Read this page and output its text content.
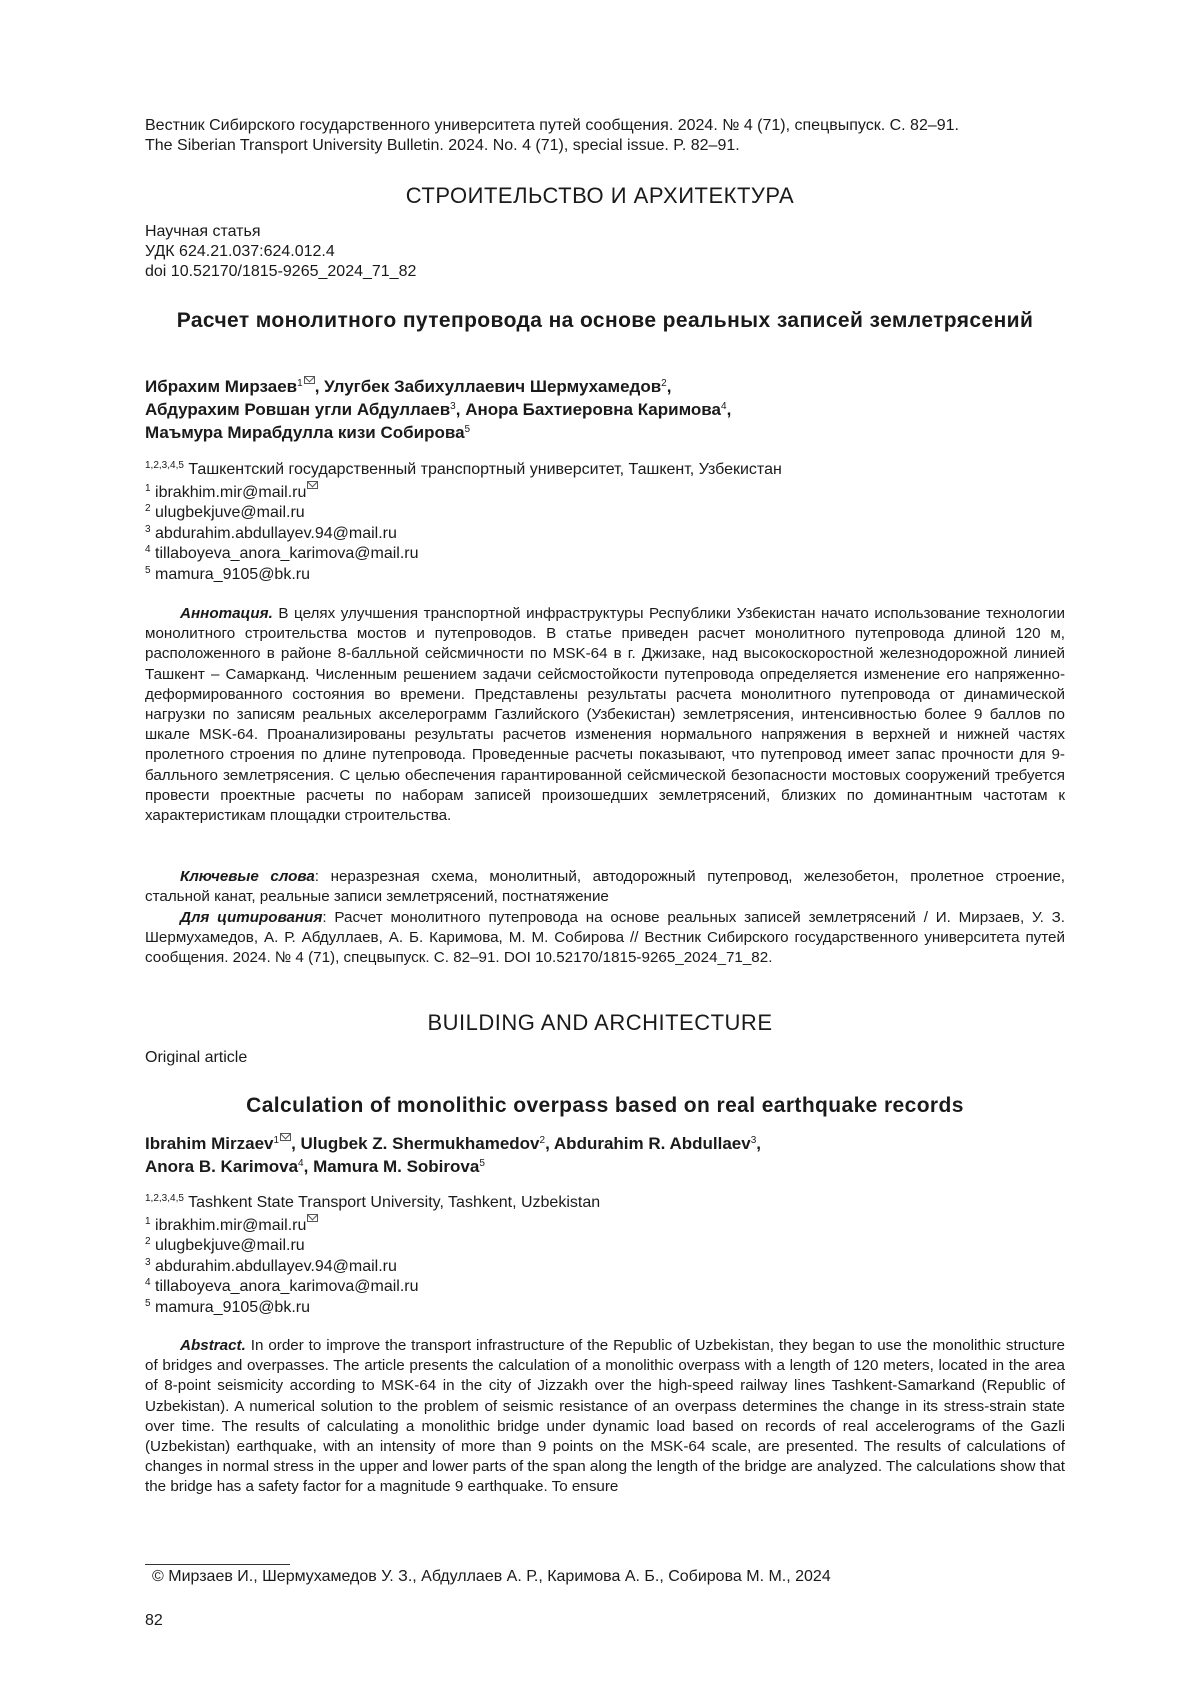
Вестник Сибирского государственного университета путей сообщения. 2024. № 4 (71), спецвыпуск. С. 82–91.
The Siberian Transport University Bulletin. 2024. No. 4 (71), special issue. P. 82–91.
СТРОИТЕЛЬСТВО И АРХИТЕКТУРА
Научная статья
УДК 624.21.037:624.012.4
doi 10.52170/1815-9265_2024_71_82
Расчет монолитного путепровода на основе реальных записей землетрясений
Ибрахим Мирзаев$^1$ , Улугбек Забихуллаевич Шермухамедов$^2$,
Абдурахим Ровшан угли Абдуллаев$^3$, Анора Бахтиеровна Каримова$^4$,
Маъмура Мирабдулла кизи Собирова$^5$
$^{1,2,3,4,5}$ Ташкентский государственный транспортный университет, Ташкент, Узбекистан
$^1$ ibrakhim.mir@mail.ru
$^2$ ulugbekjuve@mail.ru
$^3$ abdurahim.abdullayev.94@mail.ru
$^4$ tillaboyeva_anora_karimova@mail.ru
$^5$ mamura_9105@bk.ru
Аннотация. В целях улучшения транспортной инфраструктуры Республики Узбекистан начато использование технологии монолитного строительства мостов и путепроводов. В статье приведен расчет монолитного путепровода длиной 120 м, расположенного в районе 8-балльной сейсмичности по MSK-64 в г. Джизаке, над высокоскоростной железнодорожной линией Ташкент – Самарканд. Численным решением задачи сейсмостойкости путепровода определяется изменение его напряженно-деформированного состояния во времени. Представлены результаты расчета монолитного путепровода от динамической нагрузки по записям реальных акселерограмм Газлийского (Узбекистан) землетрясения, интенсивностью более 9 баллов по шкале MSK-64. Проанализированы результаты расчетов изменения нормального напряжения в верхней и нижней частях пролетного строения по длине путепровода. Проведенные расчеты показывают, что путепровод имеет запас прочности для 9-балльного землетрясения. С целью обеспечения гарантированной сейсмической безопасности мостовых сооружений требуется провести проектные расчеты по наборам записей произошедших землетрясений, близких по доминантным частотам к характеристикам площадки строительства.
Ключевые слова: неразрезная схема, монолитный, автодорожный путепровод, железобетон, пролетное строение, стальной канат, реальные записи землетрясений, постнатяжение
Для цитирования: Расчет монолитного путепровода на основе реальных записей землетрясений / И. Мирзаев, У. З. Шермухамедов, А. Р. Абдуллаев, А. Б. Каримова, М. М. Собирова // Вестник Сибирского государственного университета путей сообщения. 2024. № 4 (71), спецвыпуск. С. 82–91. DOI 10.52170/1815-9265_2024_71_82.
BUILDING AND ARCHITECTURE
Original article
Calculation of monolithic overpass based on real earthquake records
Ibrahim Mirzaev$^1$ , Ulugbek Z. Shermukhamedov$^2$, Abdurahim R. Abdullaev$^3$,
Anora B. Karimova$^4$, Mamura M. Sobirova$^5$
$^{1,2,3,4,5}$ Tashkent State Transport University, Tashkent, Uzbekistan
$^1$ ibrakhim.mir@mail.ru
$^2$ ulugbekjuve@mail.ru
$^3$ abdurahim.abdullayev.94@mail.ru
$^4$ tillaboyeva_anora_karimova@mail.ru
$^5$ mamura_9105@bk.ru
Abstract. In order to improve the transport infrastructure of the Republic of Uzbekistan, they began to use the monolithic structure of bridges and overpasses. The article presents the calculation of a monolithic overpass with a length of 120 meters, located in the area of 8-point seismicity according to MSK-64 in the city of Jizzakh over the high-speed railway lines Tashkent-Samarkand (Republic of Uzbekistan). A numerical solution to the problem of seismic resistance of an overpass determines the change in its stress-strain state over time. The results of calculating a monolithic bridge under dynamic load based on records of real accelerograms of the Gazli (Uzbekistan) earthquake, with an intensity of more than 9 points on the MSK-64 scale, are presented. The results of calculations of changes in normal stress in the upper and lower parts of the span along the length of the bridge are analyzed. The calculations show that the bridge has a safety factor for a magnitude 9 earthquake. To ensure
© Мирзаев И., Шермухамедов У. З., Абдуллаев А. Р., Каримова А. Б., Собирова М. М., 2024
82
